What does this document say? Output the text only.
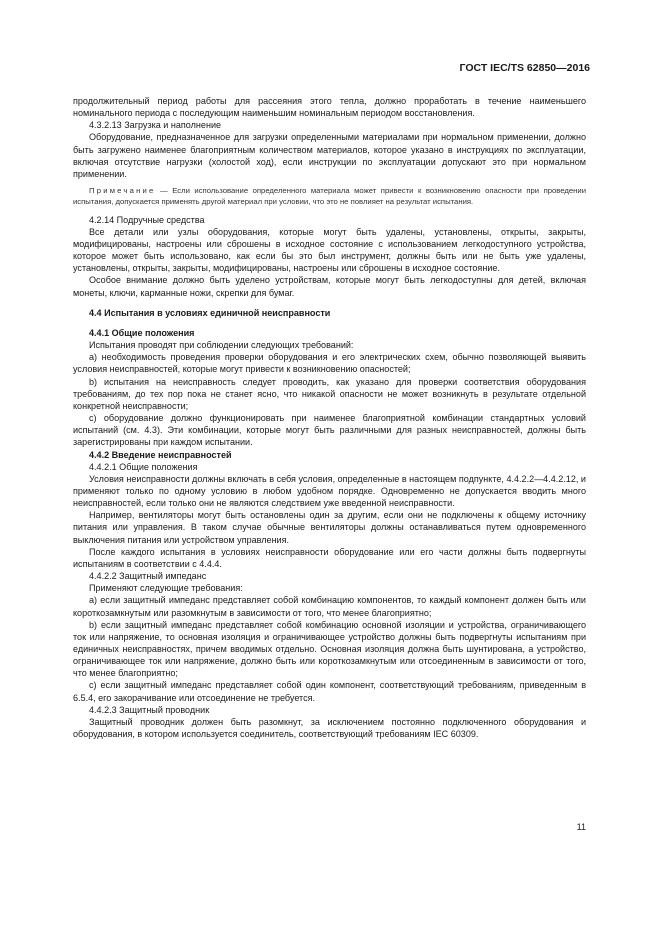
ГОСТ IEC/TS 62850—2016

продолжительный период работы для рассеяния этого тепла, должно проработать в течение наименьшего номинального периода с последующим наименьшим номинальным периодом восстановления.

4.3.2.13 Загрузка и наполнение

Оборудование, предназначенное для загрузки определенными материалами при нормальном применении, должно быть загружено наименее благоприятным количеством материалов, которое указано в инструкциях по эксплуатации, включая отсутствие нагрузки (холостой ход), если инструкции по эксплуатации допускают это при нормальном применении.

Примечание — Если использование определенного материала может привести к возникновению опасности при проведении испытания, допускается применять другой материал при условии, что это не повлияет на результат испытания.

4.2.14 Подручные средства

Все детали или узлы оборудования, которые могут быть удалены, установлены, открыты, закрыты, модифицированы, настроены или сброшены в исходное состояние с использованием легкодоступного устройства, которое может быть использовано, как если бы это был инструмент, должны быть или не быть уже удалены, установлены, открыты, закрыты, модифицированы, настроены или сброшены в исходное состояние.

Особое внимание должно быть уделено устройствам, которые могут быть легкодоступны для детей, включая монеты, ключи, карманные ножи, скрепки для бумаг.

4.4 Испытания в условиях единичной неисправности

4.4.1 Общие положения

Испытания проводят при соблюдении следующих требований:

a) необходимость проведения проверки оборудования и его электрических схем, обычно позволяющей выявить условия неисправностей, которые могут привести к возникновению опасностей;

b) испытания на неисправность следует проводить, как указано для проверки соответствия оборудования требованиям, до тех пор пока не станет ясно, что никакой опасности не может возникнуть в результате отдельной конкретной неисправности;

c) оборудование должно функционировать при наименее благоприятной комбинации стандартных условий испытаний (см. 4.3). Эти комбинации, которые могут быть различными для разных неисправностей, должны быть зарегистрированы при каждом испытании.

4.4.2 Введение неисправностей

4.4.2.1 Общие положения

Условия неисправности должны включать в себя условия, определенные в настоящем подпункте, 4.4.2.2—4.4.2.12, и применяют только по одному условию в любом удобном порядке. Одновременно не допускается вводить много неисправностей, если только они не являются следствием уже введенной неисправности.

Например, вентиляторы могут быть остановлены один за другим, если они не подключены к общему источнику питания или управления. В таком случае обычные вентиляторы должны останавливаться путем одновременного выключения питания или устройством управления.

После каждого испытания в условиях неисправности оборудование или его части должны быть подвергнуты испытаниям в соответствии с 4.4.4.

4.4.2.2 Защитный импеданс

Применяют следующие требования:

a) если защитный импеданс представляет собой комбинацию компонентов, то каждый компонент должен быть или короткозамкнутым или разомкнутым в зависимости от того, что менее благоприятно;

b) если защитный импеданс представляет собой комбинацию основной изоляции и устройства, ограничивающего ток или напряжение, то основная изоляция и ограничивающее устройство должны быть подвергнуты испытаниям при единичных неисправностях, причем вводимых отдельно. Основная изоляция должна быть шунтирована, а устройство, ограничивающее ток или напряжение, должно быть или короткозамкнутым или отсоединенным в зависимости от того, что менее благоприятно;

c) если защитный импеданс представляет собой один компонент, соответствующий требованиям, приведенным в 6.5.4, его закорачивание или отсоединение не требуется.

4.4.2.3 Защитный проводник

Защитный проводник должен быть разомкнут, за исключением постоянно подключенного оборудования и оборудования, в котором используется соединитель, соответствующий требованиям IEC 60309.

11
